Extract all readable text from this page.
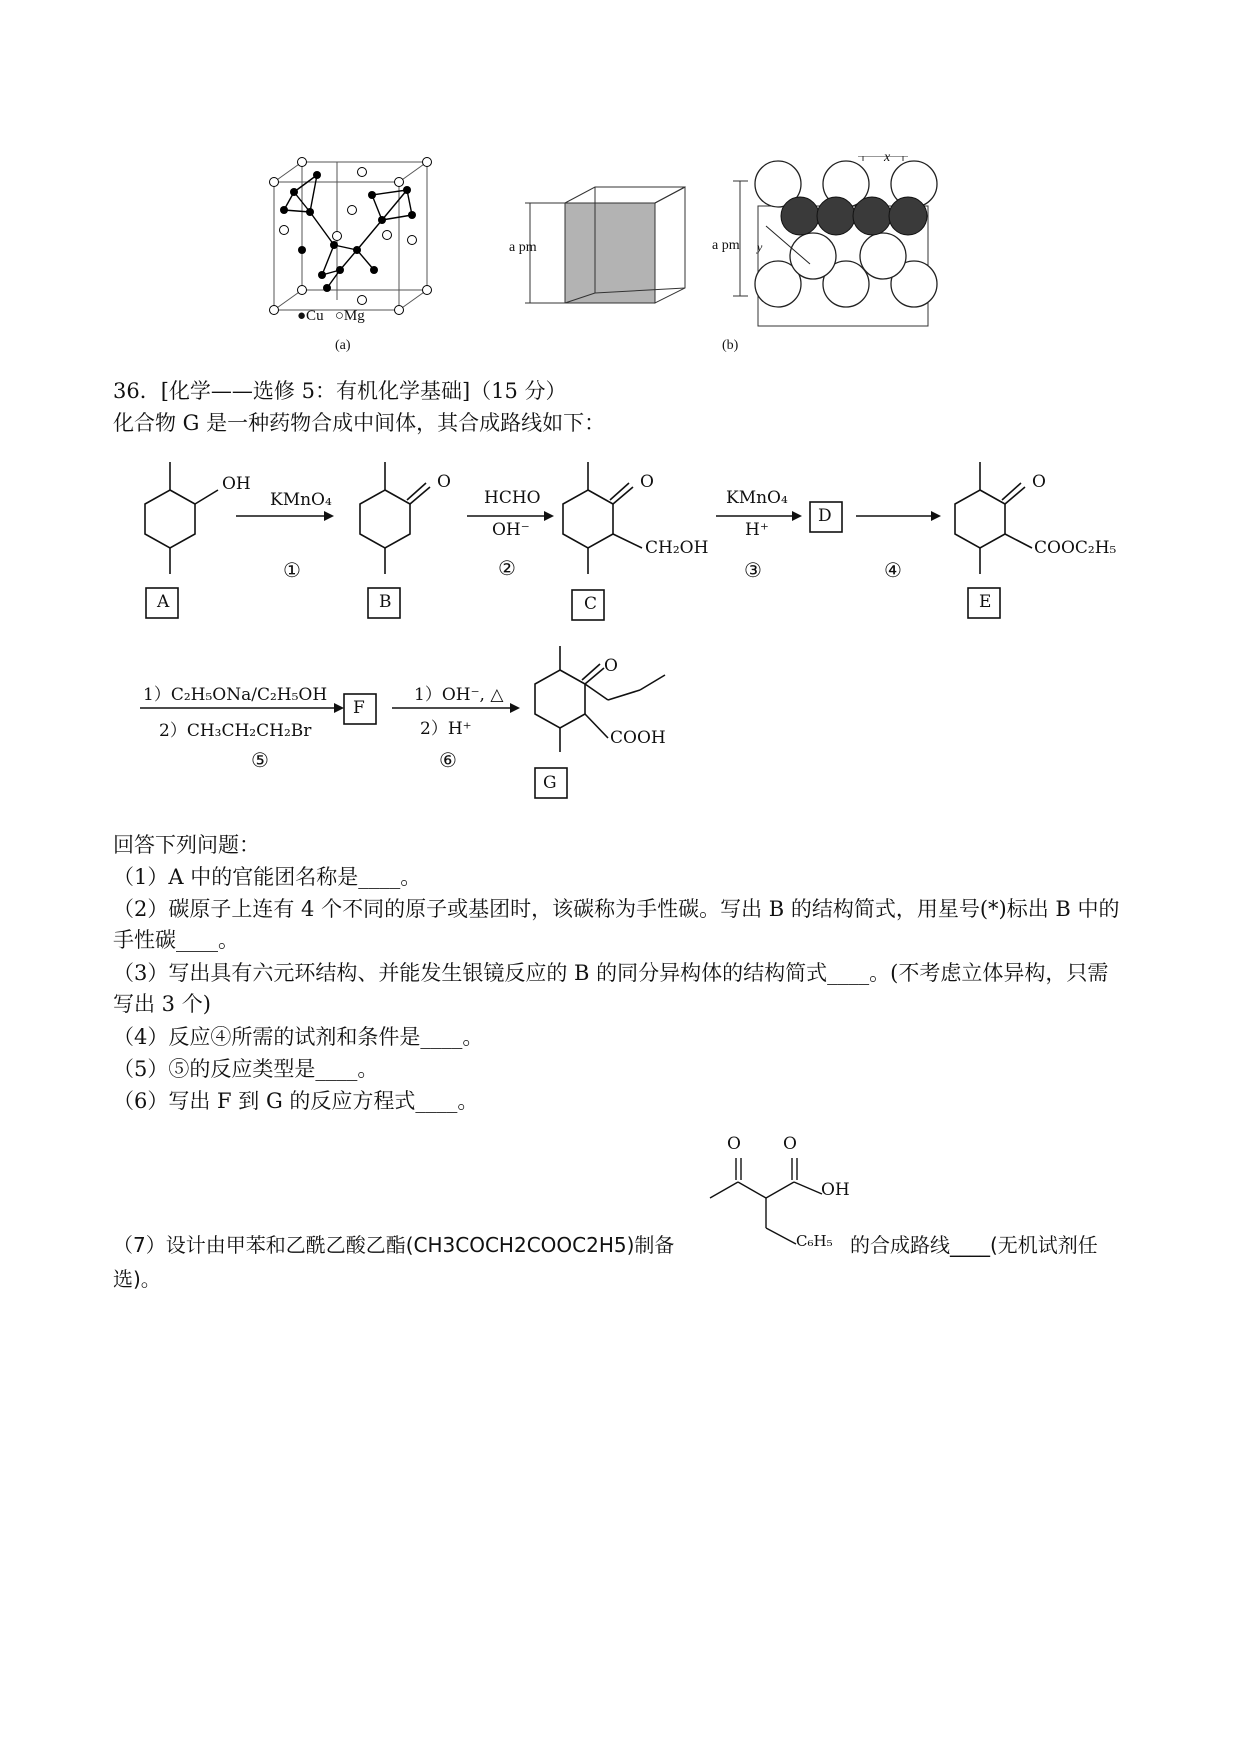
●Cu ○Mg
(a)
a pm	a pm
x
y
(b)
36．[化学——选修 5：有机化学基础]（15 分）
化合物 G 是一种药物合成中间体，其合成路线如下：
OH	O	O
CH₂OH
O
COOC₂H₅
KMnO₄
①
HCHO
OH⁻
②
KMnO₄
H⁺
③	④
A	B	C
D
E
1）C₂H₅ONa/C₂H₅OH
2）CH₃CH₂CH₂Br
⑤
F
1）OH⁻, △
2）H⁺
⑥
O
COOH
G
回答下列问题：
（1）A 中的官能团名称是____。
（2）碳原子上连有 4 个不同的原子或基团时，该碳称为手性碳。写出 B 的结构简式，用星号(*)标出 B 中的手性碳____。
（3）写出具有六元环结构、并能发生银镜反应的 B 的同分异构体的结构简式____。(不考虑立体异构，只需写出 3 个)
（4）反应④所需的试剂和条件是____。
（5）⑤的反应类型是____。
（6）写出 F 到 G 的反应方程式____。
O O
OH
C₆H₅
（7）设计由甲苯和乙酰乙酸乙酯(CH3COCH2COOC2H5)制备	的合成路线____(无机试剂任
选)。
